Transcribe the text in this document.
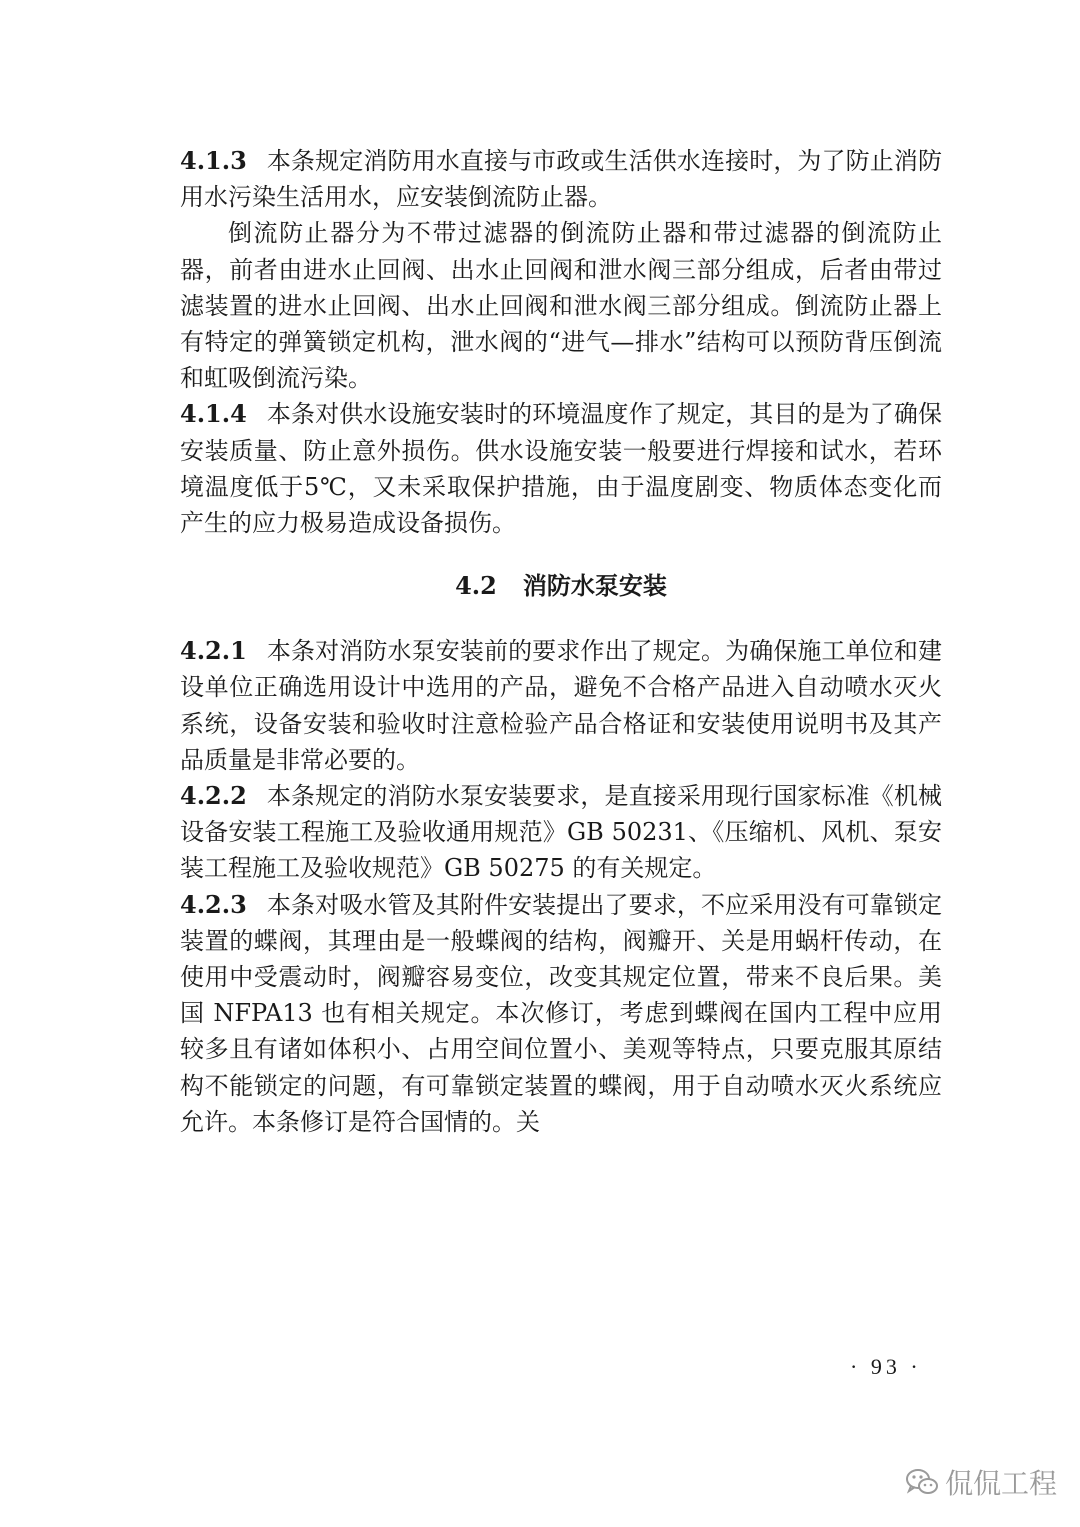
4.1.3 本条规定消防用水直接与市政或生活供水连接时，为了防止消防用水污染生活用水，应安装倒流防止器。

倒流防止器分为不带过滤器的倒流防止器和带过滤器的倒流防止器，前者由进水止回阀、出水止回阀和泄水阀三部分组成，后者由带过滤装置的进水止回阀、出水止回阀和泄水阀三部分组成。倒流防止器上有特定的弹簧锁定机构，泄水阀的“进气—排水”结构可以预防背压倒流和虹吸倒流污染。

4.1.4 本条对供水设施安装时的环境温度作了规定，其目的是为了确保安装质量、防止意外损伤。供水设施安装一般要进行焊接和试水，若环境温度低于5℃，又未采取保护措施，由于温度剧变、物质体态变化而产生的应力极易造成设备损伤。

4.2 消防水泵安装

4.2.1 本条对消防水泵安装前的要求作出了规定。为确保施工单位和建设单位正确选用设计中选用的产品，避免不合格产品进入自动喷水灭火系统，设备安装和验收时注意检验产品合格证和安装使用说明书及其产品质量是非常必要的。

4.2.2 本条规定的消防水泵安装要求，是直接采用现行国家标准《机械设备安装工程施工及验收通用规范》GB 50231、《压缩机、风机、泵安装工程施工及验收规范》GB 50275 的有关规定。

4.2.3 本条对吸水管及其附件安装提出了要求，不应采用没有可靠锁定装置的蝶阀，其理由是一般蝶阀的结构，阀瓣开、关是用蜗杆传动，在使用中受震动时，阀瓣容易变位，改变其规定位置，带来不良后果。美国 NFPA13 也有相关规定。本次修订，考虑到蝶阀在国内工程中应用较多且有诸如体积小、占用空间位置小、美观等特点，只要克服其原结构不能锁定的问题，有可靠锁定装置的蝶阀，用于自动喷水灭火系统应允许。本条修订是符合国情的。关

· 93 ·
侃侃工程
